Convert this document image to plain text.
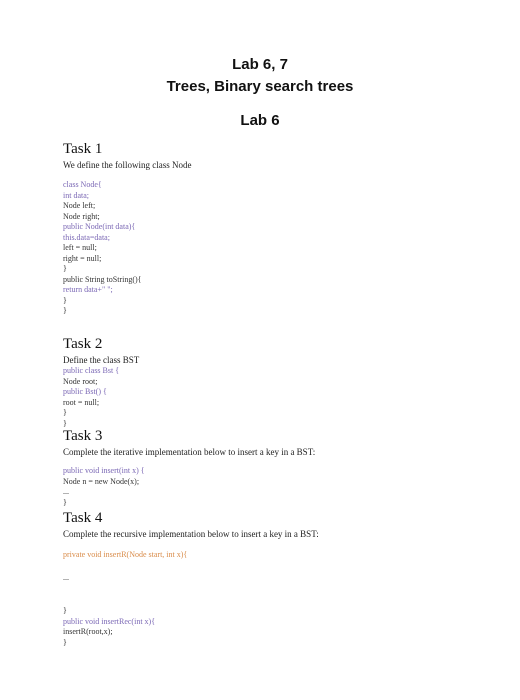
Lab 6, 7
Trees, Binary search trees
Lab 6
Task 1
We define the following class Node
class Node{
int data;
Node left;
Node right;
public Node(int data){
this.data=data;
left = null;
right = null;
}
public String toString(){
return data+" ";
}
}
Task 2
Define the class BST
public class Bst {
Node root;
public Bst() {
root = null;
}
}
Task 3
Complete the iterative implementation below to insert a key in a BST:
public void insert(int x) {
Node n = new Node(x);
...
}
Task 4
Complete the recursive implementation below to insert a key in a BST:
private void insertR(Node start, int x){
...
}
public void insertRec(int x){
insertR(root,x);
}
